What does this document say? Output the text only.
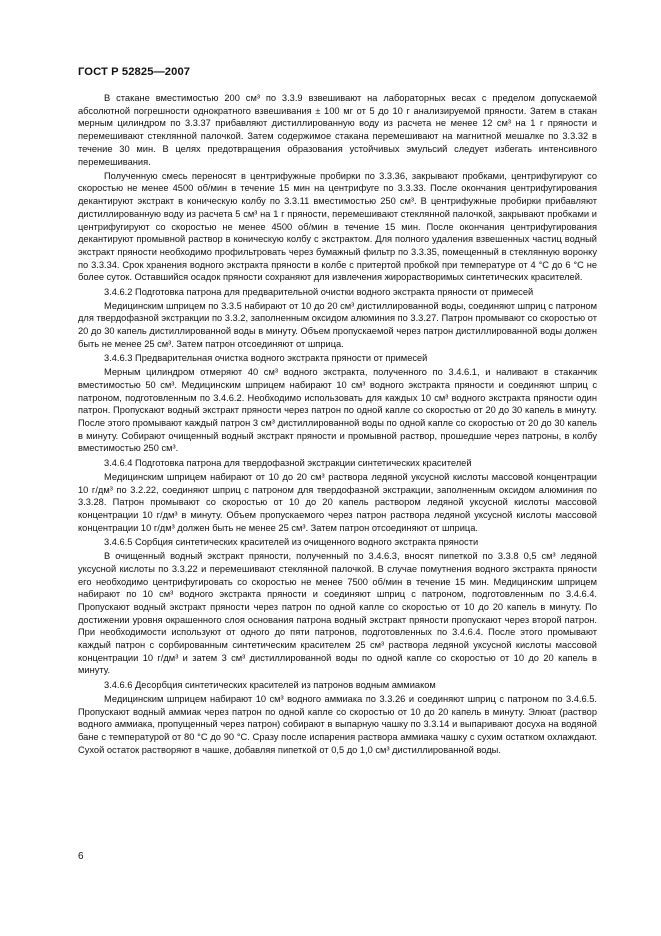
ГОСТ Р 52825—2007

В стакане вместимостью 200 см³ по 3.3.9 взвешивают на лабораторных весах с пределом допускаемой абсолютной погрешности однократного взвешивания ± 100 мг от 5 до 10 г анализируемой пряности. Затем в стакан мерным цилиндром по 3.3.37 прибавляют дистиллированную воду из расчета не менее 12 см³ на 1 г пряности и перемешивают стеклянной палочкой. Затем содержимое стакана перемешивают на магнитной мешалке по 3.3.32 в течение 30 мин. В целях предотвращения образования устойчивых эмульсий следует избегать интенсивного перемешивания.

Полученную смесь переносят в центрифужные пробирки по 3.3.36, закрывают пробками, центрифугируют со скоростью не менее 4500 об/мин в течение 15 мин на центрифуге по 3.3.33. После окончания центрифугирования декантируют экстракт в коническую колбу по 3.3.11 вместимостью 250 см³. В центрифужные пробирки прибавляют дистиллированную воду из расчета 5 см³ на 1 г пряности, перемешивают стеклянной палочкой, закрывают пробками и центрифугируют со скоростью не менее 4500 об/мин в течение 15 мин. После окончания центрифугирования декантируют промывной раствор в коническую колбу с экстрактом. Для полного удаления взвешенных частиц водный экстракт пряности необходимо профильтровать через бумажный фильтр по 3.3.35, помещенный в стеклянную воронку по 3.3.34. Срок хранения водного экстракта пряности в колбе с притертой пробкой при температуре от 4 °С до 6 °С не более суток. Оставшийся осадок пряности сохраняют для извлечения жирорастворимых синтетических красителей.

3.4.6.2 Подготовка патрона для предварительной очистки водного экстракта пряности от примесей

Медицинским шприцем по 3.3.5 набирают от 10 до 20 см³ дистиллированной воды, соединяют шприц с патроном для твердофазной экстракции по 3.3.2, заполненным оксидом алюминия по 3.3.27. Патрон промывают со скоростью от 20 до 30 капель дистиллированной воды в минуту. Объем пропускаемой через патрон дистиллированной воды должен быть не менее 25 см³. Затем патрон отсоединяют от шприца.

3.4.6.3 Предварительная очистка водного экстракта пряности от примесей

Мерным цилиндром отмеряют 40 см³ водного экстракта, полученного по 3.4.6.1, и наливают в стаканчик вместимостью 50 см³. Медицинским шприцем набирают 10 см³ водного экстракта пряности и соединяют шприц с патроном, подготовленным по 3.4.6.2. Необходимо использовать для каждых 10 см³ водного экстракта пряности один патрон. Пропускают водный экстракт пряности через патрон по одной капле со скоростью от 20 до 30 капель в минуту. После этого промывают каждый патрон 3 см³ дистиллированной воды по одной капле со скоростью от 20 до 30 капель в минуту. Собирают очищенный водный экстракт пряности и промывной раствор, прошедшие через патроны, в колбу вместимостью 250 см³.

3.4.6.4 Подготовка патрона для твердофазной экстракции синтетических красителей

Медицинским шприцем набирают от 10 до 20 см³ раствора ледяной уксусной кислоты массовой концентрации 10 г/дм³ по 3.2.22, соединяют шприц с патроном для твердофазной экстракции, заполненным оксидом алюминия по 3.3.28. Патрон промывают со скоростью от 10 до 20 капель раствором ледяной уксусной кислоты массовой концентрации 10 г/дм³ в минуту. Объем пропускаемого через патрон раствора ледяной уксусной кислоты массовой концентрации 10 г/дм³ должен быть не менее 25 см³. Затем патрон отсоединяют от шприца.

3.4.6.5 Сорбция синтетических красителей из очищенного водного экстракта пряности

В очищенный водный экстракт пряности, полученный по 3.4.6.3, вносят пипеткой по 3.3.8 0,5 см³ ледяной уксусной кислоты по 3.3.22 и перемешивают стеклянной палочкой. В случае помутнения водного экстракта пряности его необходимо центрифугировать со скоростью не менее 7500 об/мин в течение 15 мин. Медицинским шприцем набирают по 10 см³ водного экстракта пряности и соединяют шприц с патроном, подготовленным по 3.4.6.4. Пропускают водный экстракт пряности через патрон по одной капле со скоростью от 10 до 20 капель в минуту. По достижении уровня окрашенного слоя основания патрона водный экстракт пряности пропускают через второй патрон. При необходимости используют от одного до пяти патронов, подготовленных по 3.4.6.4. После этого промывают каждый патрон с сорбированным синтетическим красителем 25 см³ раствора ледяной уксусной кислоты массовой концентрации 10 г/дм³ и затем 3 см³ дистиллированной воды по одной капле со скоростью от 10 до 20 капель в минуту.

3.4.6.6 Десорбция синтетических красителей из патронов водным аммиаком

Медицинским шприцем набирают 10 см³ водного аммиака по 3.3.26 и соединяют шприц с патроном по 3.4.6.5. Пропускают водный аммиак через патрон по одной капле со скоростью от 10 до 20 капель в минуту. Элюат (раствор водного аммиака, пропущенный через патрон) собирают в выпарную чашку по 3.3.14 и выпаривают досуха на водяной бане с температурой от 80 °С до 90 °С. Сразу после испарения раствора аммиака чашку с сухим остатком охлаждают. Сухой остаток растворяют в чашке, добавляя пипеткой от 0,5 до 1,0 см³ дистиллированной воды.

6
